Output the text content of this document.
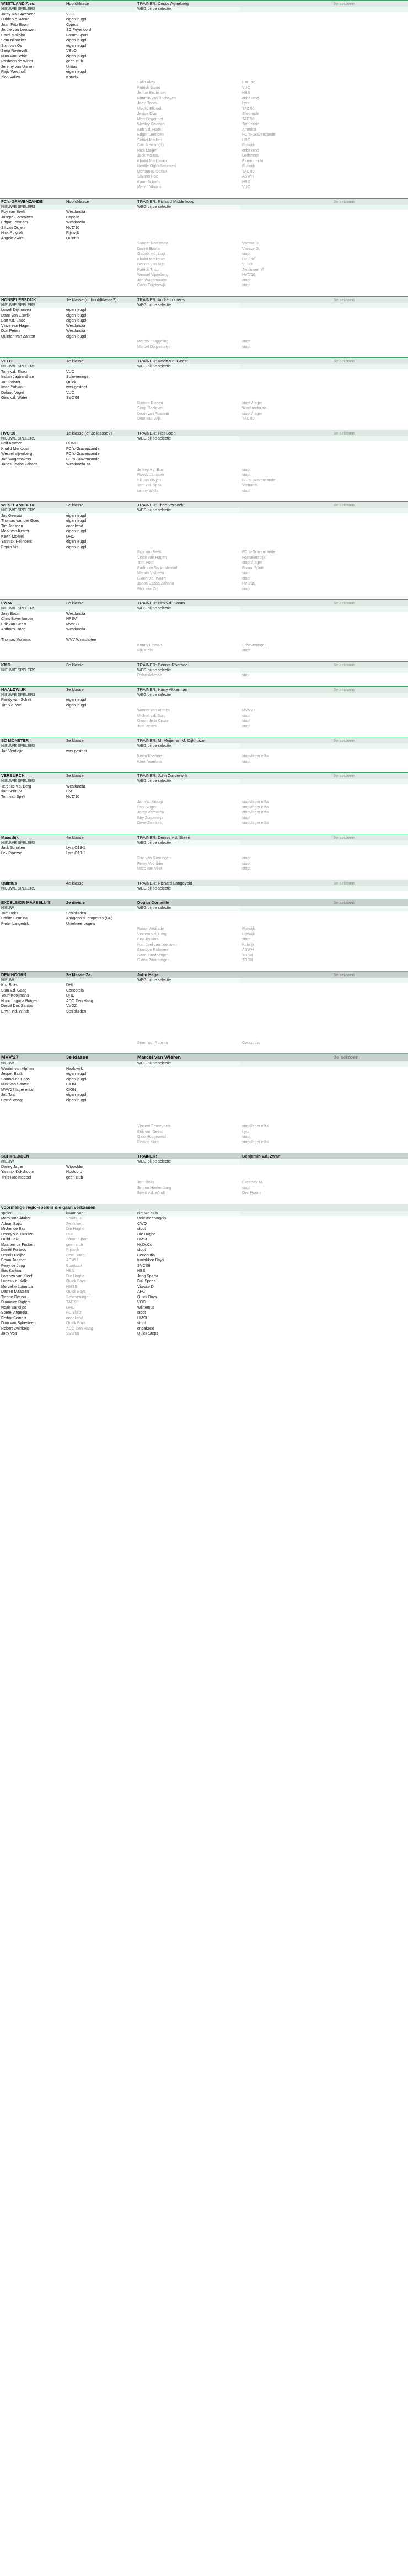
WESTLANDIA zo.	Hoofdklasse	TRAINER: Cesco Agterberg	3e seizoen
NIEUWE SPELERS	WEG bij de selectie
Jordy Raul Acevedo	VUC
Hidde v.d. Arend	eigen jeugd
Joan Fritz Boom	Cyprus
Jordie van Leeuwen	SC Feyenoord
Carel Mokobo	Forum Sport
Sem Nijbacker	eigen jeugd
Stijn van Os	eigen jeugd
Sergi Roelevelt	VELO
Nino van Schie	eigen jeugd
Rashaon de Windt	geen club
Jeremy van Uunen	Unitas
Rajiv Westhoff	eigen jeugd
Zion Valies	Katwijk
Salih Akey	BMT zo
Patrick Bakot	VUC
Jemar Bechiltion	HBS
Rimmin van Bochoven	onbekend
Joey Boom	Lyra
Mecky Elkhadi	TAC'90
Jesuje Dias	Sliedrecht
Mert Degenner	TAC'90
Wesley Goenen	Ter Leede
Bob v.d. Hoek	America
Edgar Leenden	FC 's-Gravenzande
Sebiel Marken	HBS
Can Mevliyoğlu	Rijswijk
Nick Meijer	onbekend
Jack Moreau	Delfshorp
Khalid Merkosoci	Barendrecht
Neville Ogbfi-Neunken	Rijswijk
Mohamed Oovan	TAC'90
Silvano Roe	ASWH
Kaan Schutts	HBS
Melvin Vlaarsi	VUC
FC's-GRAVENZANDE	Hoofdklasse	TRAINER: Richard Middelkoop	3e seizoen
NIEUWE SPELERS	WEG bij de selectie
Roy van Beek	Westlandia
Joseph Goncalves	Capelle
Edgar Leerdam	Westlandia
Sil van Osijen	HVC'10
Nick Rulgrok	Rijswijk
Angelo Zwirs	Quintus
Sander Boelsman	Vitesse D.
Daniël Bootis	Vitesse D.
Gabriël v.d. Lugt	stopt
Khalid Merkouzi	HVC'10
Dennis van Rijn	VELO
Patrick Trisp	Zwaluwen Vl
Wessel Vijverberg	HVC'10
Jari Wagemakers	stopt
Carlo Zuijderwijk	stopt
HONSELERSDIJK	1e klasse (of hoofdklasse?)	TRAINER: André Lourens	3e seizoen
NIEUWE SPELERS	WEG bij de selectie
Lowell Dijkhuizen	eigen jeugd
Daan van Elswijk	eigen jeugd
Bart v.d. Ende	eigen jeugd
Vince van Hagen	Westlandia
Don Peters	Westlandia
Quinten van Zanten	eigen jeugd
Marcel Bruggeling	stopt
Marcel Duijvesteijn	stopt
VELO	1e klasse	TRAINER: Kevin v.d. Geest	3e seizoen
NIEUWE SPELERS	WEG bij de selectie
Tony v.d. Elsen	VUC
Indian Jagbandhan	Scheveningen
Jari Polster	Quick
Imad Yahiaoui	was gestopt
Delano Vogel	VUC
Gino v.d. Water	SVC'08
Ramon Rispen	stopt / lager
Sergi Roelevelt	Westlandia zo.
Daan van Rossem	stopt / lager
Dion van Wijk	TAC'90
HVC'10	1e klasse (of 3e klasse?)	TRAINER: Piet Boon	3e seizoen
NIEUWE SPELERS	WEG bij de selectie
Ralf Kramer	DUNO
Khalid Merkouzi	FC 's-Gravenzande
Wessel Vijverberg	FC 's-Gravenzande
Jari Wagemakers	FC 's-Gravenzande
Janos Csaba Zaharia	Westlandia za.
Jeffrey v.d. Bos	stopt
Roedy Janssen	stopt
Sil van Osijen	FC 's-Gravenzande
Tom v.d. Spek	Verburch
Lenny Wells	stopt
WESTLANDIA za.	2e klasse	TRAINER: Theo Verbeek	3e seizoen
NIEUWE SPELERS	WEG bij de selectie
Jay Geeratz	eigen jeugd
Thomas van der Goes	eigen jeugd
Tim Janssen	onbekend
Mark van Kester	eigen jeugd
Kevin Moerell	DHC
Yannick Reijnders	eigen jeugd
Pepijn Vis	eigen jeugd
Roy van Beek	FC 's-Gravenzande
Vince van Hagen	Honselersdijk
Tom Poot	stopt / lager
Padmore Sarfo-Mensah	Forum Sport
Marvin Visbeen	stopt
Glenn v.d. Weert	stopt
Janos Csaba Zaharia	HVC'10
Rick van Zijl	stopt
LYRA	3e klasse	TRAINER: Pim v.d. Hoorn	3e seizoen
NIEUWE SPELERS	WEG bij de selectie
Joey Boom	Westlandia
Chris Bovenlander	HPSV
Erik van Geest	MVV'27
Anthony Roog	Westlandia
Thomas Mollema	WVV Winschoten
Kenny Lipman	Scheveningen
Rik Kreis	stopt
KMD	3e klasse	TRAINER: Dennis Roerade	3e seizoen
NIEUWE SPELERS	WEG bij de selectie
Dylan Arkesse	stopt
NAALDWIJK	3e klasse	TRAINER: Harry Akkerman	3e seizoen
NIEUWE SPELERS	WEG bij de selectie
Randy van Schelt	eigen jeugd
Tim v.d. Wel	eigen jeugd
Wouter van Alphen	MVV'27
Michiel v.d. Burg	stopt
Glenn de la Cruze	stopt
Joël Peters	stopt
SC MONSTER	3e klasse	TRAINER: M. Meijer en M. Dijkhuizen	3e seizoen
NIEUWE SPELERS	WEG bij de selectie
Jan Verdiejin	was gestopt
Kevin Koehorst	stopt/lager elftal
Koen Warners	stopt
VERBURCH	3e klasse	TRAINER: John Zuijderwijk	3e seizoen
NIEUWE SPELERS	WEG bij de selectie
Terence v.d. Berg	Westlandia
Ilan Sentürk	BMT
Tom v.d. Spek	HVC'10
Jan v.d. Knaap	stopt/lager elftal
Roy Blüger	stopt/lager elftal
Jordy Verheijen	stopt/lager elftal
Boy Zuijderwijk	stopt
Dave Zwinkels	stopt/lager elftal
Maasdijk	4e klasse	TRAINER: Dennis v.d. Steen	3e seizoen
NIEUWE SPELERS	WEG bij de selectie
Jack Scholten	Lyra O19-1
Lex Paaswe	Lyra O19-1
Ran van Groningen	stopt
Femy Voorthier	stopt
Marc van Vliet	stopt
Quintus	4e klasse	TRAINER: Richard Langeveld	3e seizoen
NIEUWE SPELERS	WEG bij de selectie
EXCELSIOR MAASSLUIS	2e divisie	Dogan Corneille	3e seizoen
NIEUW	WEG bij de selectie
Tom Boks	Schiplulden
Carlito Fermina	Anagennisi Ierapetras (Gr.)
Pieter Langedijk	Unielmeeroogels
Rafael Andrade	Rijswijk
Vincent v.d. Berg	Rijswijk
Boy Jenkins	stopt
Ivan Jeel van Leeuwen	Katwijk
Brandon Rottevee	ASWH
Dean Zandbergen	TOGB
Glenn Zandbergen	TOGB
DEN HOORN	3e klasse Za.	John Hage	3e seizoen
NIEUW	WEG bij de selectie
Koz Boks	DHL
Stan v.d. Gaag	Concordia
Youri Kooijmans	DHC
Nuno Laguna Borges	ADO Den Haag
Denzil Dos Santos	VVGZ
Erwin v.d. Windt	Schiplulden
Sean van Rooijen	Concordia
MVV'27	3e klasse	Marcel van Wieren	3e seizoen
NIEUW	WEG bij de selectie
Wouter van Alphen	Naaldwijk
Jesper Baak	eigen jeugd
Samuel de Haas	eigen jeugd
Nick van Santen	CION
MVV'27 lager elftal	CION
Job Taal	eigen jeugd
Corné Voogt	eigen jeugd
Vincent Bernevoets	stopt/lager elftal
Erik van Geest	Lyra
Gino Hoogeweld	stopt
Remco Koot	stopt/lager elftal
SCHIPLUIDEN	TRAINER:	Benjamin v.d. Zwan
NIEUW	WEG bij de selectie
Danny Jager	Wippolder
Yannick Kokshoorn	Nootdorp
Thijs Rooimeeeef	geen club
Tom Boks	Excelsior M.
Jeroen Hoekenburg	stopt
Erwin v.d. Windt	Den Hoorn
voormalige regio-spelers die gaan verkassen
speler	kwam van:	nieuwe club
Marouane Afaker	Sparta R.	Unielmeervogels
Adnan Bajic	Zwaluwen	CWO
Michel de Bas	Die Haghe	stopt
Donny v.d. Dussen	DHC	Die Haghe
Ouild Faik	Forum Sport	HMSH
Maarten de Fockert	geen club	HoDoCo
Daniël Furtado	Rijswijk	stopt
Dennis Geijbe	Dem Haag	Concordia
Bryan Janssen	ASWH	Kocakken Boys
Ferry de Jong	Spartaan	SVC'08
Ilias Karkouh	HBS	HBS
Lorenzo van Kleef	Die Haghe	Jong Sparta
Lucas v.d. Kolk	Quick Boys	Full Speed
Mervellie Lutumba	HMSS	Vitesse D.
Darren Maatsen	Quick Boys	AFC
Tyrone Owusu	Scheveningen	Quick Boys
Djamaico Rigters	TAC'90	VOC
Noah Sarjdijpo	DHC	Wilhemus
Soerel Angeelal	FC Skillz	stopt
Ferhat Somerz	onbekend	HMSH
Dion van Sybesteen	Quick Boys	stopt
Robert Zwinkels	ADO Den Haag	onbekend
Joey Vos	SVC'08	Quick Steps
